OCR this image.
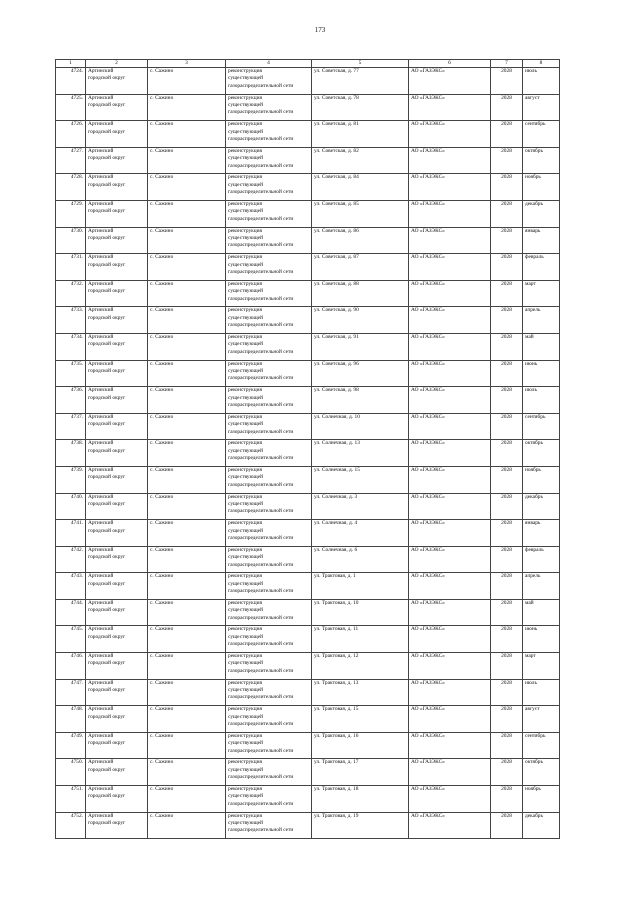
173
1	2	3	4	5	6	7	8
4724.	Артинский
городской округ	с. Сажино	реконструкция
существующей
газораспределительной сети	ул. Советская, д. 77	АО «ГАЗЭКС»	2028	июль
4725.	Артинский
городской округ	с. Сажино	реконструкция
существующей
газораспределительной сети	ул. Советская, д. 78	АО «ГАЗЭКС»	2028	август
4726.	Артинский
городской округ	с. Сажино	реконструкция
существующей
газораспределительной сети	ул. Советская, д. 81	АО «ГАЗЭКС»	2028	сентябрь
4727.	Артинский
городской округ	с. Сажино	реконструкция
существующей
газораспределительной сети	ул. Советская, д. 82	АО «ГАЗЭКС»	2028	октябрь
4728.	Артинский
городской округ	с. Сажино	реконструкция
существующей
газораспределительной сети	ул. Советская, д. 84	АО «ГАЗЭКС»	2028	ноябрь
4729.	Артинский
городской округ	с. Сажино	реконструкция
существующей
газораспределительной сети	ул. Советская, д. 85	АО «ГАЗЭКС»	2028	декабрь
4730.	Артинский
городской округ	с. Сажино	реконструкция
существующей
газораспределительной сети	ул. Советская, д. 86	АО «ГАЗЭКС»	2028	январь
4731.	Артинский
городской округ	с. Сажино	реконструкция
существующей
газораспределительной сети	ул. Советская, д. 87	АО «ГАЗЭКС»	2028	февраль
4732.	Артинский
городской округ	с. Сажино	реконструкция
существующей
газораспределительной сети	ул. Советская, д. 88	АО «ГАЗЭКС»	2028	март
4733.	Артинский
городской округ	с. Сажино	реконструкция
существующей
газораспределительной сети	ул. Советская, д. 90	АО «ГАЗЭКС»	2028	апрель
4734.	Артинский
городской округ	с. Сажино	реконструкция
существующей
газораспределительной сети	ул. Советская, д. 91	АО «ГАЗЭКС»	2028	май
4735.	Артинский
городской округ	с. Сажино	реконструкция
существующей
газораспределительной сети	ул. Советская, д. 96	АО «ГАЗЭКС»	2028	июнь
4736.	Артинский
городской округ	с. Сажино	реконструкция
существующей
газораспределительной сети	ул. Советская, д. 98	АО «ГАЗЭКС»	2028	июль
4737.	Артинский
городской округ	с. Сажино	реконструкция
существующей
газораспределительной сети	ул. Солнечная, д. 10	АО «ГАЗЭКС»	2028	сентябрь
4738.	Артинский
городской округ	с. Сажино	реконструкция
существующей
газораспределительной сети	ул. Солнечная, д. 13	АО «ГАЗЭКС»	2028	октябрь
4739.	Артинский
городской округ	с. Сажино	реконструкция
существующей
газораспределительной сети	ул. Солнечная, д. 15	АО «ГАЗЭКС»	2028	ноябрь
4740.	Артинский
городской округ	с. Сажино	реконструкция
существующей
газораспределительной сети	ул. Солнечная, д. 3	АО «ГАЗЭКС»	2028	декабрь
4741.	Артинский
городской округ	с. Сажино	реконструкция
существующей
газораспределительной сети	ул. Солнечная, д. 4	АО «ГАЗЭКС»	2028	январь
4742.	Артинский
городской округ	с. Сажино	реконструкция
существующей
газораспределительной сети	ул. Солнечная, д. 6	АО «ГАЗЭКС»	2028	февраль
4743.	Артинский
городской округ	с. Сажино	реконструкция
существующей
газораспределительной сети	ул. Трактовая, д. 1	АО «ГАЗЭКС»	2028	апрель
4744.	Артинский
городской округ	с. Сажино	реконструкция
существующей
газораспределительной сети	ул. Трактовая, д. 10	АО «ГАЗЭКС»	2028	май
4745.	Артинский
городской округ	с. Сажино	реконструкция
существующей
газораспределительной сети	ул. Трактовая, д. 11	АО «ГАЗЭКС»	2028	июнь
4746.	Артинский
городской округ	с. Сажино	реконструкция
существующей
газораспределительной сети	ул. Трактовая, д. 12	АО «ГАЗЭКС»	2028	март
4747.	Артинский
городской округ	с. Сажино	реконструкция
существующей
газораспределительной сети	ул. Трактовая, д. 13	АО «ГАЗЭКС»	2028	июль
4748.	Артинский
городской округ	с. Сажино	реконструкция
существующей
газораспределительной сети	ул. Трактовая, д. 15	АО «ГАЗЭКС»	2028	август
4749.	Артинский
городской округ	с. Сажино	реконструкция
существующей
газораспределительной сети	ул. Трактовая, д. 16	АО «ГАЗЭКС»	2028	сентябрь
4750.	Артинский
городской округ	с. Сажино	реконструкция
существующей
газораспределительной сети	ул. Трактовая, д. 17	АО «ГАЗЭКС»	2028	октябрь
4751.	Артинский
городской округ	с. Сажино	реконструкция
существующей
газораспределительной сети	ул. Трактовая, д. 18	АО «ГАЗЭКС»	2028	ноябрь
4752.	Артинский
городской округ	с. Сажино	реконструкция
существующей
газораспределительной сети	ул. Трактовая, д. 19	АО «ГАЗЭКС»	2028	декабрь
